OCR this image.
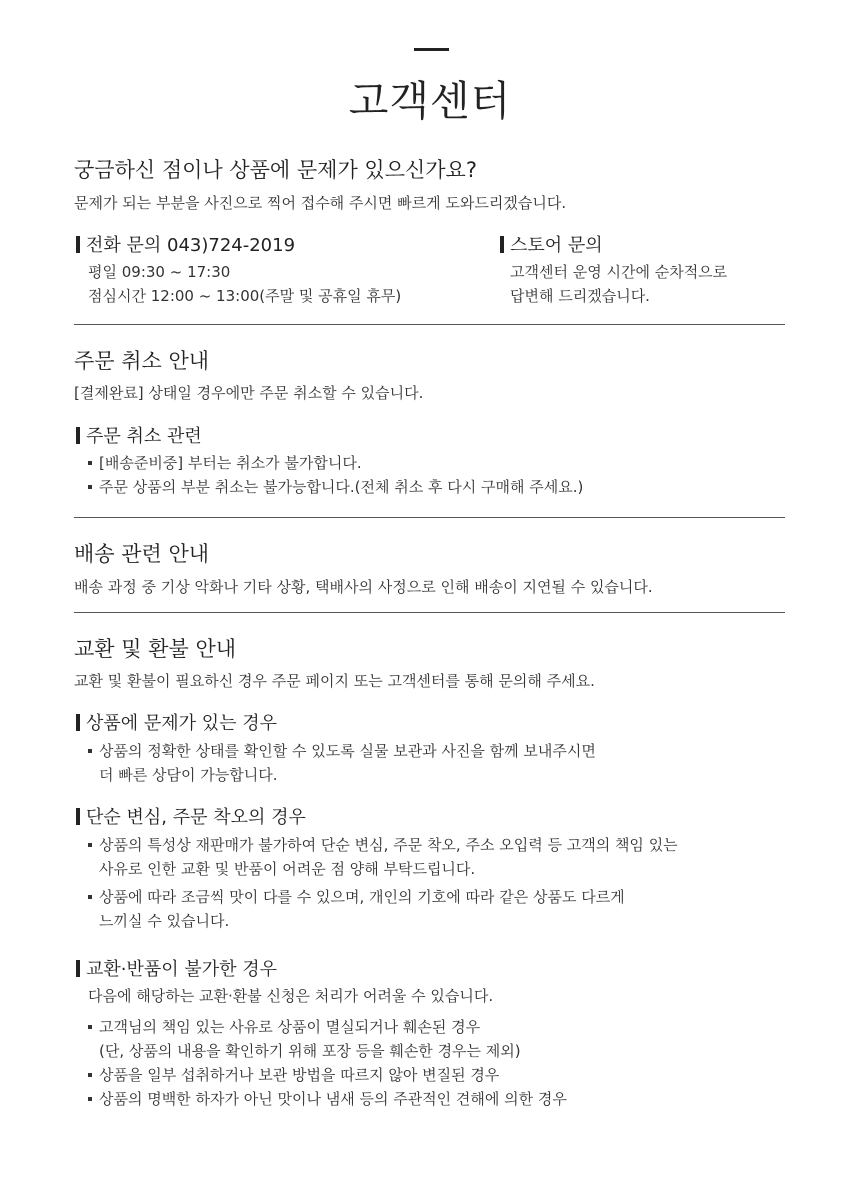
고객센터
궁금하신 점이나 상품에 문제가 있으신가요?
문제가 되는 부분을 사진으로 찍어 접수해 주시면 빠르게 도와드리겠습니다.
전화 문의 043)724-2019
평일 09:30 ~ 17:30
점심시간 12:00 ~ 13:00(주말 및 공휴일 휴무)
스토어 문의
고객센터 운영 시간에 순차적으로
답변해 드리겠습니다.
주문 취소 안내
[결제완료] 상태일 경우에만 주문 취소할 수 있습니다.
주문 취소 관련
[배송준비중] 부터는 취소가 불가합니다.
주문 상품의 부분 취소는 불가능합니다.(전체 취소 후 다시 구매해 주세요.)
배송 관련 안내
배송 과정 중 기상 악화나 기타 상황, 택배사의 사정으로 인해 배송이 지연될 수 있습니다.
교환 및 환불 안내
교환 및 환불이 필요하신 경우 주문 페이지 또는 고객센터를 통해 문의해 주세요.
상품에 문제가 있는 경우
상품의 정확한 상태를 확인할 수 있도록 실물 보관과 사진을 함께 보내주시면
더 빠른 상담이 가능합니다.
단순 변심, 주문 착오의 경우
상품의 특성상 재판매가 불가하여 단순 변심, 주문 착오, 주소 오입력 등 고객의 책임 있는
사유로 인한 교환 및 반품이 어려운 점 양해 부탁드립니다.
상품에 따라 조금씩 맛이 다를 수 있으며, 개인의 기호에 따라 같은 상품도 다르게
느끼실 수 있습니다.
교환·반품이 불가한 경우
다음에 해당하는 교환·환불 신청은 처리가 어려울 수 있습니다.
고객님의 책임 있는 사유로 상품이 멸실되거나 훼손된 경우
(단, 상품의 내용을 확인하기 위해 포장 등을 훼손한 경우는 제외)
상품을 일부 섭취하거나 보관 방법을 따르지 않아 변질된 경우
상품의 명백한 하자가 아닌 맛이나 냄새 등의 주관적인 견해에 의한 경우
